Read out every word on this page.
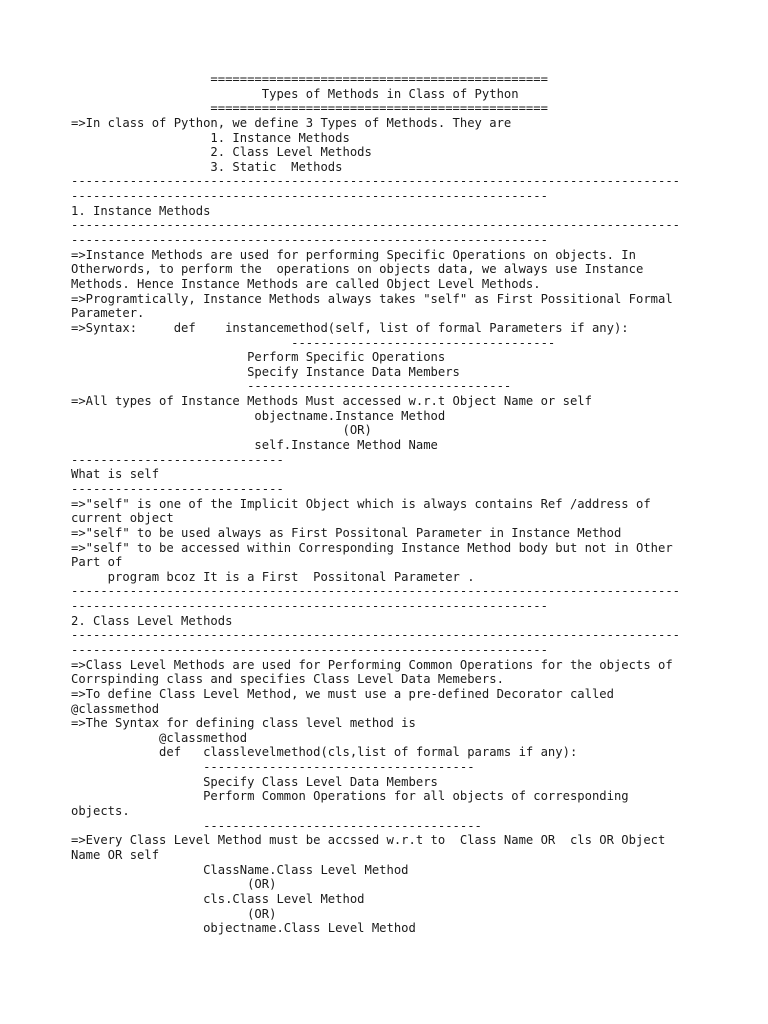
==============================================
Types of Methods in Class of Python
==============================================
=>In class of Python, we define 3 Types of Methods. They are
1. Instance Methods
2. Class Level Methods
3. Static  Methods
-----------------------------------------------------------------------------------
-----------------------------------------------------------------
1. Instance Methods
-----------------------------------------------------------------------------------
-----------------------------------------------------------------
=>Instance Methods are used for performing Specific Operations on objects. In
Otherwords, to perform the  operations on objects data, we always use Instance
Methods. Hence Instance Methods are called Object Level Methods.
=>Programtically, Instance Methods always takes "self" as First Possitional Formal
Parameter.
=>Syntax:     def    instancemethod(self, list of formal Parameters if any):
------------------------------------
Perform Specific Operations
Specify Instance Data Members
------------------------------------
=>All types of Instance Methods Must accessed w.r.t Object Name or self
objectname.Instance Method
(OR)
self.Instance Method Name
-----------------------------
What is self
-----------------------------
=>"self" is one of the Implicit Object which is always contains Ref /address of
current object
=>"self" to be used always as First Possitonal Parameter in Instance Method
=>"self" to be accessed within Corresponding Instance Method body but not in Other
Part of
program bcoz It is a First  Possitonal Parameter .
-----------------------------------------------------------------------------------
-----------------------------------------------------------------
2. Class Level Methods
-----------------------------------------------------------------------------------
-----------------------------------------------------------------
=>Class Level Methods are used for Performing Common Operations for the objects of
Corrspinding class and specifies Class Level Data Memebers.
=>To define Class Level Method, we must use a pre-defined Decorator called
@classmethod
=>The Syntax for defining class level method is
@classmethod
def   classlevelmethod(cls,list of formal params if any):
-------------------------------------
Specify Class Level Data Members
Perform Common Operations for all objects of corresponding
objects.
--------------------------------------
=>Every Class Level Method must be accssed w.r.t to  Class Name OR  cls OR Object
Name OR self
ClassName.Class Level Method
(OR)
cls.Class Level Method
(OR)
objectname.Class Level Method
